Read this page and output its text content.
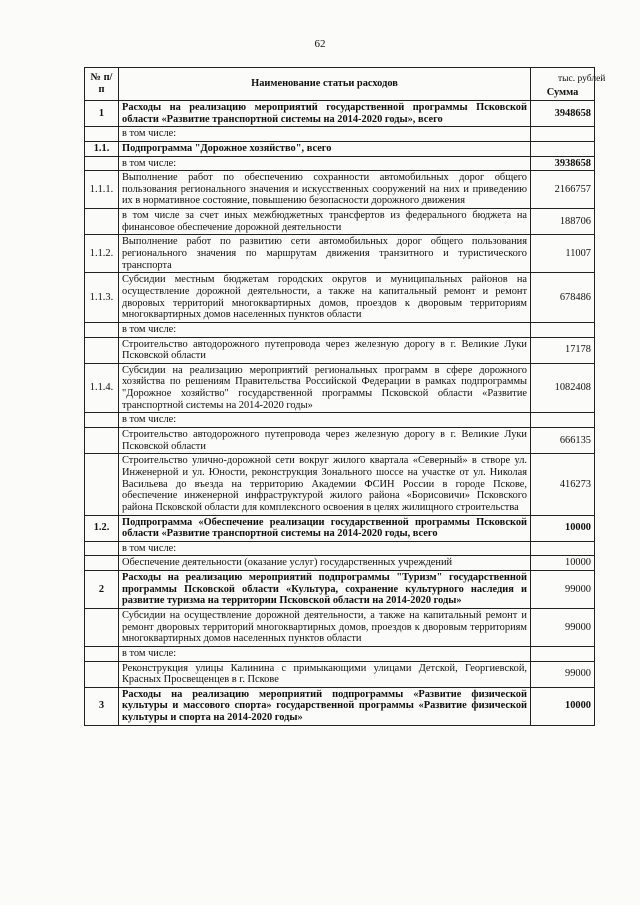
62
тыс. рублей
№ п/п	Наименование статьи расходов	Сумма
1	Расходы на реализацию мероприятий государственной программы Псковской области «Развитие транспортной системы на 2014-2020 годы», всего	3948658
	в том числе:	
1.1.	Подпрограмма "Дорожное хозяйство", всего	
	в том числе:	3938658
1.1.1.	Выполнение работ по обеспечению сохранности автомобильных дорог общего пользования регионального значения и искусственных сооружений на них и приведению их в нормативное состояние, повышению безопасности дорожного движения	2166757
	в том числе за счет иных межбюджетных трансфертов из федерального бюджета на финансовое обеспечение дорожной деятельности	188706
1.1.2.	Выполнение работ по развитию сети автомобильных дорог общего пользования регионального значения по маршрутам движения транзитного и туристического транспорта	11007
1.1.3.	Субсидии местным бюджетам городских округов и муниципальных районов на осуществление дорожной деятельности, а также на капитальный ремонт и ремонт дворовых территорий многоквартирных домов, проездов к дворовым территориям многоквартирных домов населенных пунктов области	678486
	в том числе:	
	Строительство автодорожного путепровода через железную дорогу в г. Великие Луки Псковской области	17178
1.1.4.	Субсидии на реализацию мероприятий региональных программ в сфере дорожного хозяйства по решениям Правительства Российской Федерации в рамках подпрограммы "Дорожное хозяйство" государственной программы Псковской области «Развитие транспортной системы на 2014-2020 годы»	1082408
	в том числе:	
	Строительство автодорожного путепровода через железную дорогу в г. Великие Луки Псковской области	666135
	Строительство улично-дорожной сети вокруг жилого квартала «Северный» в створе ул. Инженерной и ул. Юности, реконструкция Зонального шоссе на участке от ул. Николая Васильева до въезда на территорию Академии ФСИН России в городе Пскове, обеспечение инженерной инфраструктурой жилого района «Борисовичи» Псковского района Псковской области для комплексного освоения в целях жилищного строительства	416273
1.2.	Подпрограмма «Обеспечение реализации государственной программы Псковской области «Развитие транспортной системы на 2014-2020 годы, всего	10000
	в том числе:	
	Обеспечение деятельности (оказание услуг) государственных учреждений	10000
2	Расходы на реализацию мероприятий подпрограммы "Туризм" государственной программы Псковской области «Культура, сохранение культурного наследия и развитие туризма на территории Псковской области на 2014-2020 годы»	99000
	Субсидии на осуществление дорожной деятельности, а также на капитальный ремонт и ремонт дворовых территорий многоквартирных домов, проездов к дворовым территориям многоквартирных домов населенных пунктов области	99000
	в том числе:	
	Реконструкция улицы Калинина с примыкающими улицами Детской, Георгиевской, Красных Просвещенцев в г. Пскове	99000
3	Расходы на реализацию мероприятий подпрограммы «Развитие физической культуры и массового спорта» государственной программы «Развитие физической культуры и спорта на 2014-2020 годы»	10000
